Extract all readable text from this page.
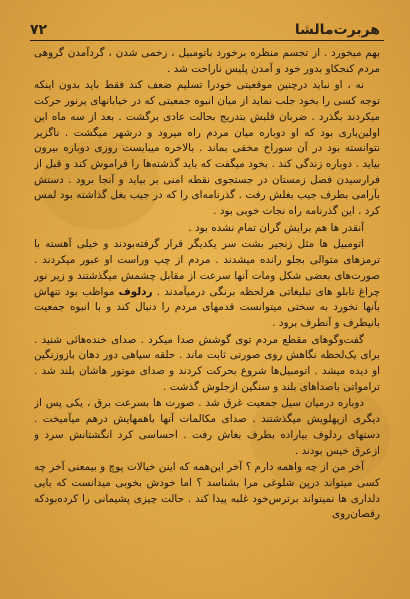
۷۲	هربرت‌مالشا

بهم میخورد . از تجسم منظره برخورد باتومبیل ، زخمی شدن ، گردآمدن گروهی مردم کنجکاو بدور خود و آمدن پلیس ناراحت شد .

نه ، او نباید درچنین موقعیتی خودرا تسلیم ضعف کند فقط باید بدون اینکه توجه کسی را بخود جلب نماید از میان انبوه جمعیتی که در خیابانهای پرنور حرکت میکردند بگذرد . ضربان قلبش بتدریج بحالت عادی برگشت . بعد از سه ماه این اولین‌باری بود که او دوباره میان مردم راه میرود و درشهر میگشت . ناگزیر نتوانسته بود در آن سوراخ مخفی بماند . بالاخره میبایست روزی دوباره بیرون بیاید . دوباره زندگی کند . بخود میگفت که باید گذشته‌ها را فراموش کند و قبل از فرارسیدن فصل زمستان در جستجوی نقطه امنی بر بیاید و آنجا برود . دستش بآرامی بطرف جیب بغلش رفت . گذرنامه‌ای را که در جیب بغل گذاشته بود لمس کرد . این گذرنامه راه نجات خوبی بود .

آنقدر ها هم برایش گران تمام نشده بود .

اتومبیل ها مثل زنجیر بشت سر یکدیگر قرار گرفته‌بودند و خیلی آهسته با ترمزهای متوالی بجلو رانده میشدند . مردم از چپ وراست او عبور میکردند . صورت‌های بعضی شکل ومات آنها سرعت از مقابل چشمش میگذشتند و زیر نور چراغ تابلو های تبلیغاتی هرلحظه برنگی درمیآمدند . ردلوف مواظب بود تنهاش بآنها نخورد به سختی میتوانست قدمهای مردم را دنبال کند و با انبوه جمعیت بانیطرف و آنطرف برود .

گفت‌وگوهای مقطع مردم توی گوشش صدا میکرد . صدای خنده‌هائی شنید . برای یک‌لحظه نگاهش روی صورتی ثابت ماند . حلقه سیاهی دور دهان بازوزنگین او دیده میشد . اتومبیل‌ها شروع بحرکت کردند و صدای موتور هاشان بلند شد . ترامواتی باصداهای بلند و سنگین ازجلوش گذشت .

دوباره درمیان سیل جمعیت غرق شد . صورت ها بسرعت برق ، یکی پس از دیگری ازپهلویش میگذشتند . صدای مکالمات آنها باهمهایش درهم میآمیخت . دستهای ردلوف بیاراده بطرف بغاش رفت . احساسی کرد انگشتانش سرد و ازعرق خیس بودند .

آخر من از چه واهمه دارم ؟ آخر این‌همه که اینن خیالات پوچ و بیمعنی آخر چه کسی میتواند درپن شلوغی مرا بشناسد ؟ اما خودش بخوبی میدانست که بایی دلداری ها نمیتواند برترس‌خود غلبه پیدا کند . حالت چیزی پشیمانی را کرده‌بودکه رقصان‌روی
